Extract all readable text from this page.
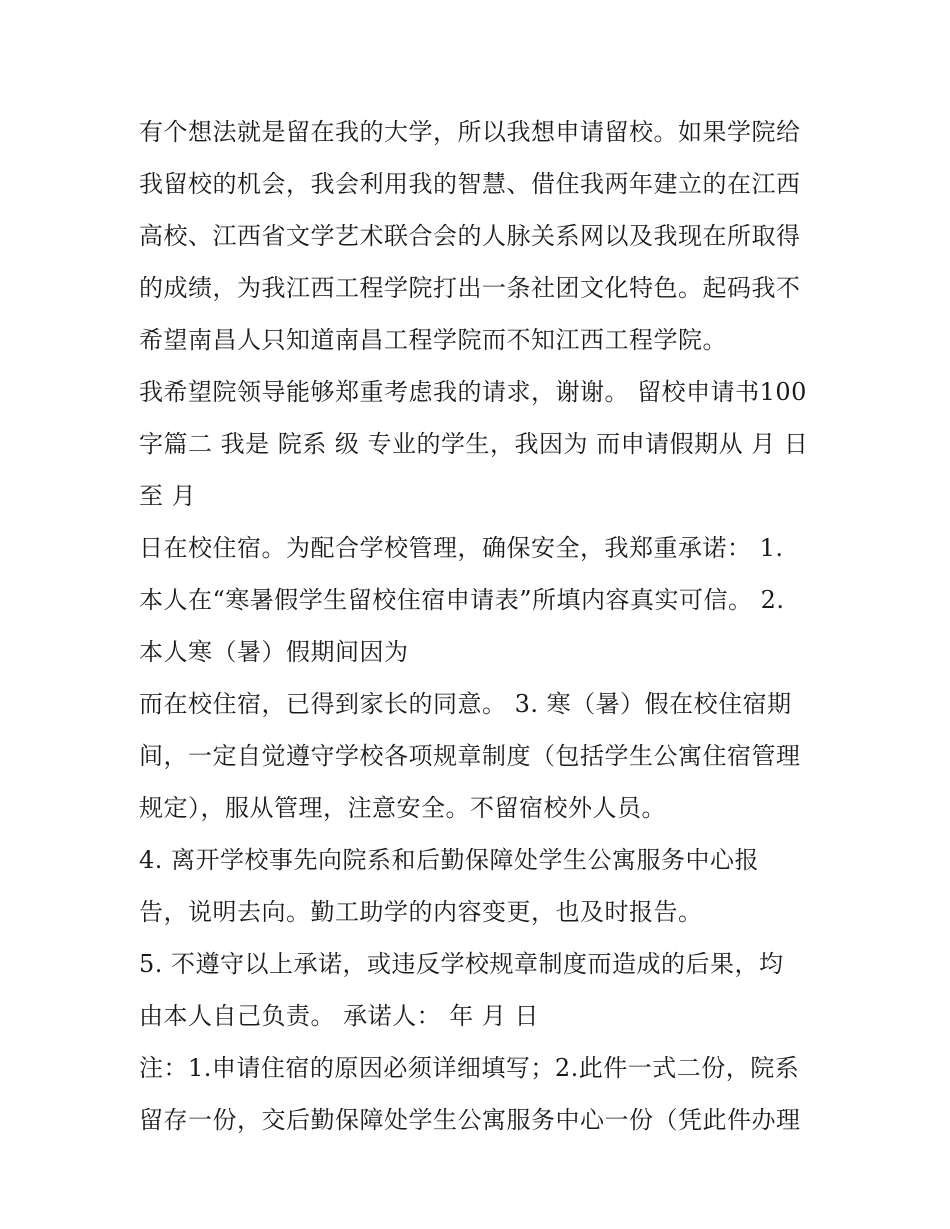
有个想法就是留在我的大学，所以我想申请留校。如果学院给
我留校的机会，我会利用我的智慧、借住我两年建立的在江西
高校、江西省文学艺术联合会的人脉关系网以及我现在所取得
的成绩，为我江西工程学院打出一条社团文化特色。起码我不
希望南昌人只知道南昌工程学院而不知江西工程学院。
我希望院领导能够郑重考虑我的请求，谢谢。 留校申请书100
字篇二 我是 院系 级 专业的学生，我因为 而申请假期从 月 日
至 月
日在校住宿。为配合学校管理，确保安全，我郑重承诺： 1.
本人在“寒暑假学生留校住宿申请表”所填内容真实可信。 2.
本人寒（暑）假期间因为
而在校住宿，已得到家长的同意。 3. 寒（暑）假在校住宿期
间，一定自觉遵守学校各项规章制度（包括学生公寓住宿管理
规定），服从管理，注意安全。不留宿校外人员。
4. 离开学校事先向院系和后勤保障处学生公寓服务中心报
告，说明去向。勤工助学的内容变更，也及时报告。
5. 不遵守以上承诺，或违反学校规章制度而造成的后果，均
由本人自己负责。 承诺人： 年 月 日
注：1.申请住宿的原因必须详细填写；2.此件一式二份，院系
留存一份，交后勤保障处学生公寓服务中心一份（凭此件办理
